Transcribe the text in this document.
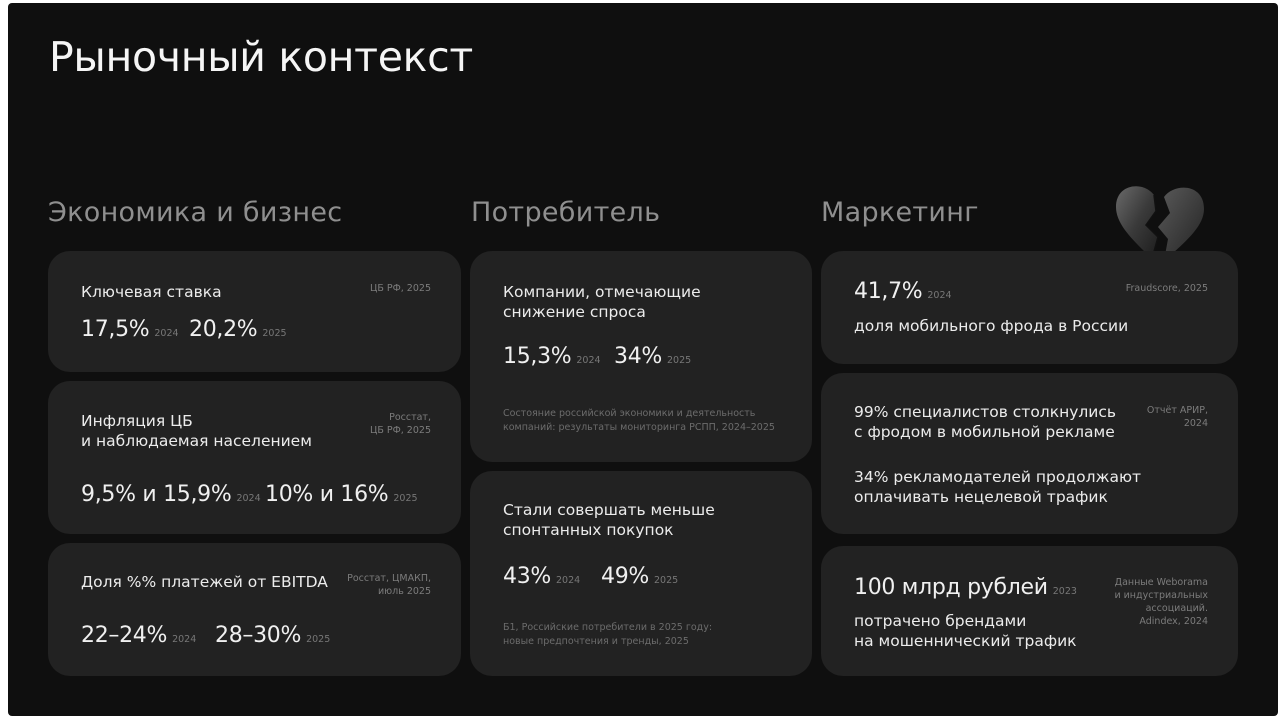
Рыночный контекст
Экономика и бизнес	Потребитель	Маркетинг
Ключевая ставка	ЦБ РФ, 2025
17,5% 2024 20,2% 2025
Инфляция ЦБ
и наблюдаемая населением
Росстат,
ЦБ РФ, 2025
9,5% и 15,9% 2024 10% и 16% 2025
Доля %% платежей от EBITDA Росстат, ЦМАКП,
июль 2025
22–24% 2024 28–30% 2025
Компании, отмечающие
снижение спроса
15,3% 2024 34% 2025
Состояние российской экономики и деятельность
компаний: результаты мониторинга РСПП, 2024–2025
Стали совершать меньше
спонтанных покупок
43% 2024 49% 2025
Б1, Российские потребители в 2025 году:
новые предпочтения и тренды, 2025
41,7% 2024
Fraudscore, 2025
доля мобильного фрода в России
99% специалистов столкнулись
с фродом в мобильной рекламе
Отчёт АРИР,
2024
34% рекламодателей продолжают
оплачивать нецелевой трафик
100 млрд рублей 2023
потрачено брендами
на мошеннический трафик
Данные Weborama
и индустриальных
ассоциаций.
Adindex, 2024
